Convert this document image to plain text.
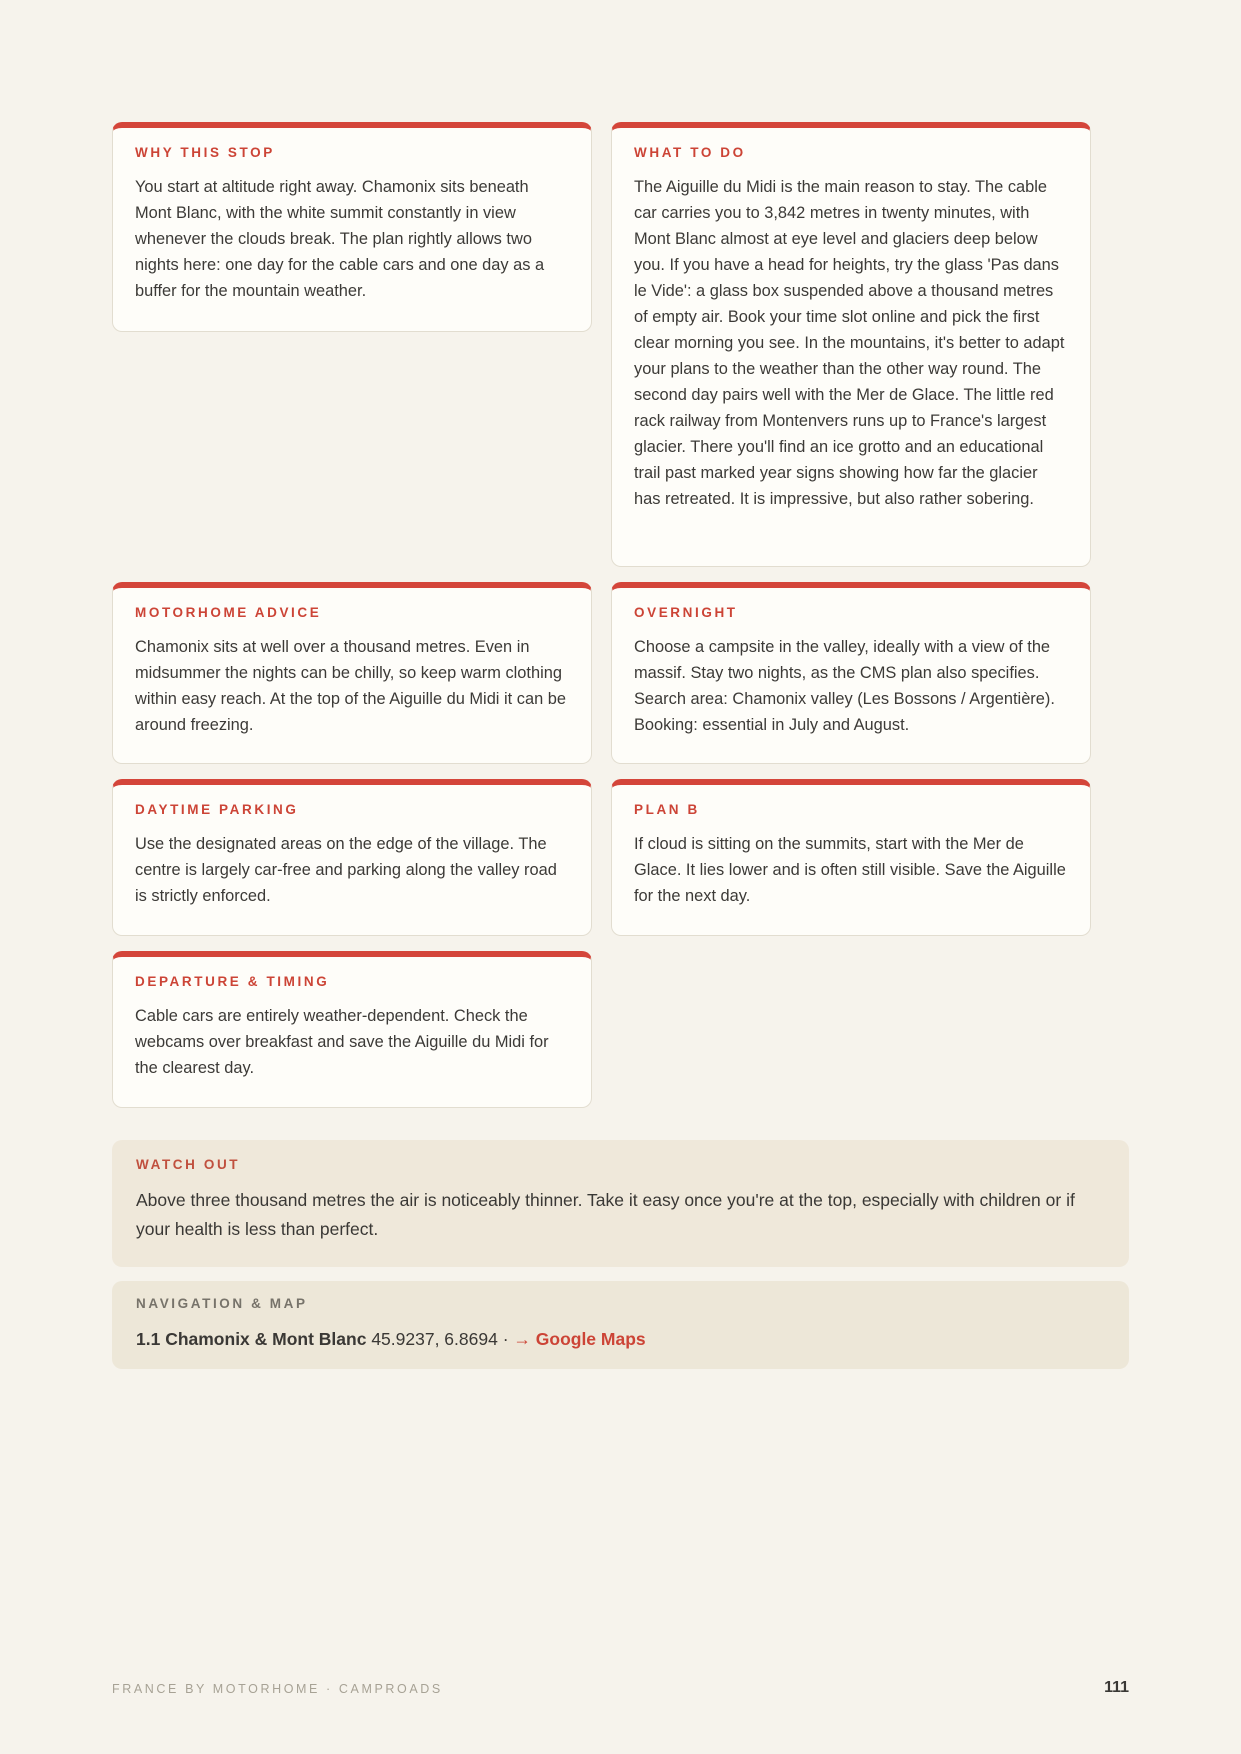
WHY THIS STOP

You start at altitude right away. Chamonix sits beneath Mont Blanc, with the white summit constantly in view whenever the clouds break. The plan rightly allows two nights here: one day for the cable cars and one day as a buffer for the mountain weather.

WHAT TO DO

The Aiguille du Midi is the main reason to stay. The cable car carries you to 3,842 metres in twenty minutes, with Mont Blanc almost at eye level and glaciers deep below you. If you have a head for heights, try the glass 'Pas dans le Vide': a glass box suspended above a thousand metres of empty air. Book your time slot online and pick the first clear morning you see. In the mountains, it's better to adapt your plans to the weather than the other way round. The second day pairs well with the Mer de Glace. The little red rack railway from Montenvers runs up to France's largest glacier. There you'll find an ice grotto and an educational trail past marked year signs showing how far the glacier has retreated. It is impressive, but also rather sobering.

MOTORHOME ADVICE

Chamonix sits at well over a thousand metres. Even in midsummer the nights can be chilly, so keep warm clothing within easy reach. At the top of the Aiguille du Midi it can be around freezing.

OVERNIGHT

Choose a campsite in the valley, ideally with a view of the massif. Stay two nights, as the CMS plan also specifies. Search area: Chamonix valley (Les Bossons / Argentière). Booking: essential in July and August.

DAYTIME PARKING

Use the designated areas on the edge of the village. The centre is largely car-free and parking along the valley road is strictly enforced.

PLAN B

If cloud is sitting on the summits, start with the Mer de Glace. It lies lower and is often still visible. Save the Aiguille for the next day.

DEPARTURE & TIMING

Cable cars are entirely weather-dependent. Check the webcams over breakfast and save the Aiguille du Midi for the clearest day.

WATCH OUT

Above three thousand metres the air is noticeably thinner. Take it easy once you're at the top, especially with children or if your health is less than perfect.

NAVIGATION & MAP
1.1 Chamonix & Mont Blanc 45.9237, 6.8694 · → Google Maps
FRANCE BY MOTORHOME · CAMPROADS	111
